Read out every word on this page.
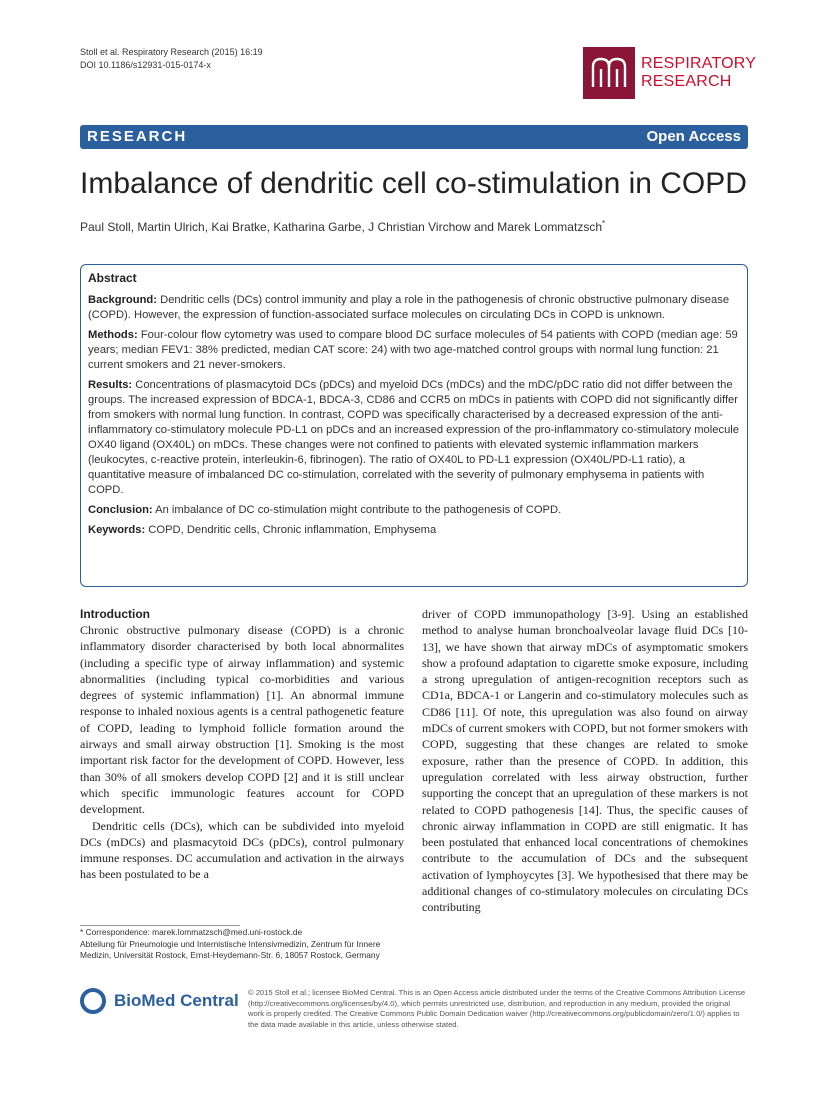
Stoll et al. Respiratory Research (2015) 16:19
DOI 10.1186/s12931-015-0174-x	RESPIRATORY
RESEARCH
RESEARCH	Open Access
Imbalance of dendritic cell co-stimulation in COPD
Paul Stoll, Martin Ulrich, Kai Bratke, Katharina Garbe, J Christian Virchow and Marek Lommatzsch*
Abstract

Background: Dendritic cells (DCs) control immunity and play a role in the pathogenesis of chronic obstructive pulmonary disease (COPD). However, the expression of function-associated surface molecules on circulating DCs in COPD is unknown.

Methods: Four-colour flow cytometry was used to compare blood DC surface molecules of 54 patients with COPD (median age: 59 years; median FEV1: 38% predicted, median CAT score: 24) with two age-matched control groups with normal lung function: 21 current smokers and 21 never-smokers.

Results: Concentrations of plasmacytoid DCs (pDCs) and myeloid DCs (mDCs) and the mDC/pDC ratio did not differ between the groups. The increased expression of BDCA-1, BDCA-3, CD86 and CCR5 on mDCs in patients with COPD did not significantly differ from smokers with normal lung function. In contrast, COPD was specifically characterised by a decreased expression of the anti-inflammatory co-stimulatory molecule PD-L1 on pDCs and an increased expression of the pro-inflammatory co-stimulatory molecule OX40 ligand (OX40L) on mDCs. These changes were not confined to patients with elevated systemic inflammation markers (leukocytes, c-reactive protein, interleukin-6, fibrinogen). The ratio of OX40L to PD-L1 expression (OX40L/PD-L1 ratio), a quantitative measure of imbalanced DC co-stimulation, correlated with the severity of pulmonary emphysema in patients with COPD.

Conclusion: An imbalance of DC co-stimulation might contribute to the pathogenesis of COPD.

Keywords: COPD, Dendritic cells, Chronic inflammation, Emphysema

Introduction

Chronic obstructive pulmonary disease (COPD) is a chronic inflammatory disorder characterised by both local abnormalites (including a specific type of airway inflammation) and systemic abnormalities (including typical co-morbidities and various degrees of systemic inflammation) [1]. An abnormal immune response to inhaled noxious agents is a central pathogenetic feature of COPD, leading to lymphoid follicle formation around the airways and small airway obstruction [1]. Smoking is the most important risk factor for the development of COPD. However, less than 30% of all smokers develop COPD [2] and it is still unclear which specific immunologic features account for COPD development.

Dendritic cells (DCs), which can be subdivided into myeloid DCs (mDCs) and plasmacytoid DCs (pDCs), control pulmonary immune responses. DC accumulation and activation in the airways has been postulated to be a

driver of COPD immunopathology [3-9]. Using an established method to analyse human bronchoalveolar lavage fluid DCs [10-13], we have shown that airway mDCs of asymptomatic smokers show a profound adaptation to cigarette smoke exposure, including a strong upregulation of antigen-recognition receptors such as CD1a, BDCA-1 or Langerin and co-stimulatory molecules such as CD86 [11]. Of note, this upregulation was also found on airway mDCs of current smokers with COPD, but not former smokers with COPD, suggesting that these changes are related to smoke exposure, rather than the presence of COPD. In addition, this upregulation correlated with less airway obstruction, further supporting the concept that an upregulation of these markers is not related to COPD pathogenesis [14]. Thus, the specific causes of chronic airway inflammation in COPD are still enigmatic. It has been postulated that enhanced local concentrations of chemokines contribute to the accumulation of DCs and the subsequent activation of lymphoycytes [3]. We hypothesised that there may be additional changes of co-stimulatory molecules on circulating DCs contributing

* Correspondence: marek.lommatzsch@med.uni-rostock.de
Abteilung für Pneumologie und Internistische Intensivmedizin, Zentrum für Innere Medizin, Universität Rostock, Ernst-Heydemann-Str. 6, 18057 Rostock, Germany
BioMed Central © 2015 Stoll et al.; licensee BioMed Central. This is an Open Access article distributed under the terms of the Creative Commons Attribution License (http://creativecommons.org/licenses/by/4.0), which permits unrestricted use, distribution, and reproduction in any medium, provided the original work is properly credited. The Creative Commons Public Domain Dedication waiver (http://creativecommons.org/publicdomain/zero/1.0/) applies to the data made available in this article, unless otherwise stated.
